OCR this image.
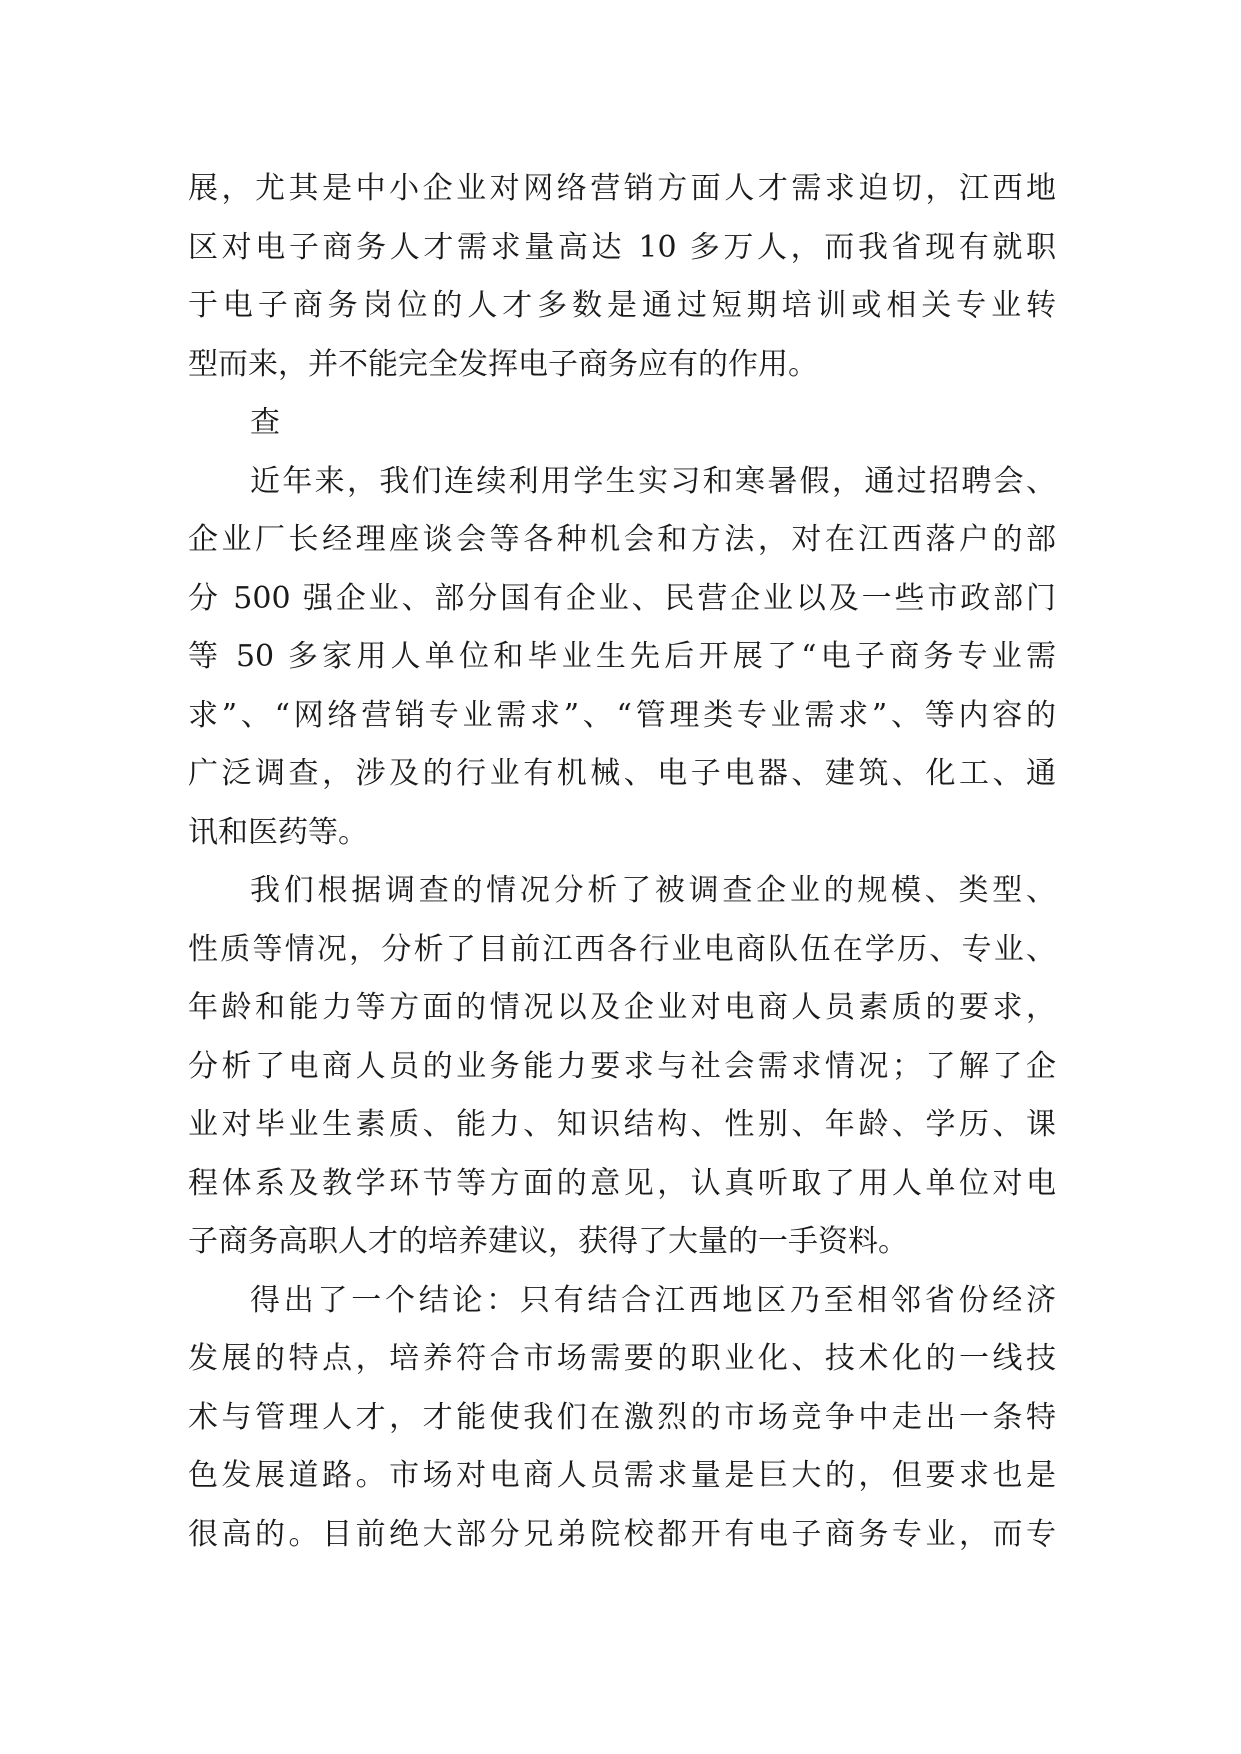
展，尤其是中小企业对网络营销方面人才需求迫切，江西地
区对电子商务人才需求量高达 10 多万人，而我省现有就职
于电子商务岗位的人才多数是通过短期培训或相关专业转
型而来，并不能完全发挥电子商务应有的作用。
查
近年来，我们连续利用学生实习和寒暑假，通过招聘会、
企业厂长经理座谈会等各种机会和方法，对在江西落户的部
分 500 强企业、部分国有企业、民营企业以及一些市政部门
等 50 多家用人单位和毕业生先后开展了“电子商务专业需
求”、“网络营销专业需求”、“管理类专业需求”、等内容的
广泛调查，涉及的行业有机械、电子电器、建筑、化工、通
讯和医药等。
我们根据调查的情况分析了被调查企业的规模、类型、
性质等情况，分析了目前江西各行业电商队伍在学历、专业、
年龄和能力等方面的情况以及企业对电商人员素质的要求，
分析了电商人员的业务能力要求与社会需求情况；了解了企
业对毕业生素质、能力、知识结构、性别、年龄、学历、课
程体系及教学环节等方面的意见，认真听取了用人单位对电
子商务高职人才的培养建议，获得了大量的一手资料。
得出了一个结论：只有结合江西地区乃至相邻省份经济
发展的特点，培养符合市场需要的职业化、技术化的一线技
术与管理人才，才能使我们在激烈的市场竞争中走出一条特
色发展道路。市场对电商人员需求量是巨大的，但要求也是
很高的。目前绝大部分兄弟院校都开有电子商务专业，而专
